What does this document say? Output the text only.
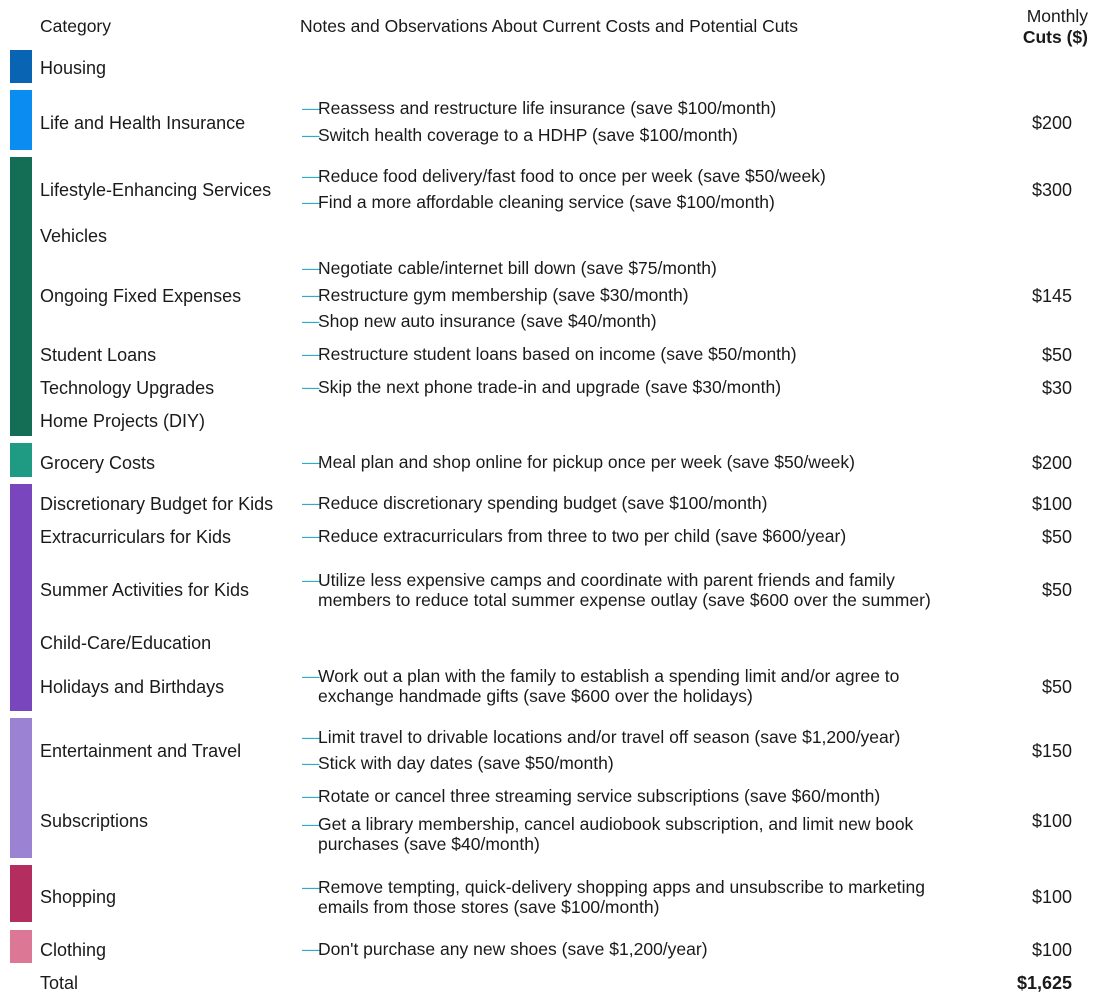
Category	Notes and Observations About Current Costs and Potential Cuts	Monthly
Cuts ($)
Housing
Life and Health Insurance
Lifestyle-Enhancing Services
Vehicles
Ongoing Fixed Expenses
Student Loans
Technology Upgrades
Home Projects (DIY)
Grocery Costs
Discretionary Budget for Kids
Extracurriculars for Kids
Summer Activities for Kids
Child-Care/Education
Holidays and Birthdays
Entertainment and Travel
Subscriptions
Shopping
Clothing
Total
—Reassess and restructure life insurance (save $100/month)
—Switch health coverage to a HDHP (save $100/month)
—Reduce food delivery/fast food to once per week (save $50/week)
—Find a more affordable cleaning service (save $100/month)
—Negotiate cable/internet bill down (save $75/month)
—Restructure gym membership (save $30/month)
—Shop new auto insurance (save $40/month)
—Restructure student loans based on income (save $50/month)
—Skip the next phone trade-in and upgrade (save $30/month)
—Meal plan and shop online for pickup once per week (save $50/week)
—Reduce discretionary spending budget (save $100/month)
—Reduce extracurriculars from three to two per child (save $600/year)
—Utilize less expensive camps and coordinate with parent friends and family
members to reduce total summer expense outlay (save $600 over the summer)
—Work out a plan with the family to establish a spending limit and/or agree to
exchange handmade gifts (save $600 over the holidays)
—Limit travel to drivable locations and/or travel off season (save $1,200/year)
—Stick with day dates (save $50/month)
—Rotate or cancel three streaming service subscriptions (save $60/month)
—Get a library membership, cancel audiobook subscription, and limit new book
purchases (save $40/month)
—Remove tempting, quick-delivery shopping apps and unsubscribe to marketing
emails from those stores (save $100/month)
—Don't purchase any new shoes (save $1,200/year)
$200
$300
$145
$50
$30
$200
$100
$50
$50
$50
$150
$100
$100
$100
$1,625
